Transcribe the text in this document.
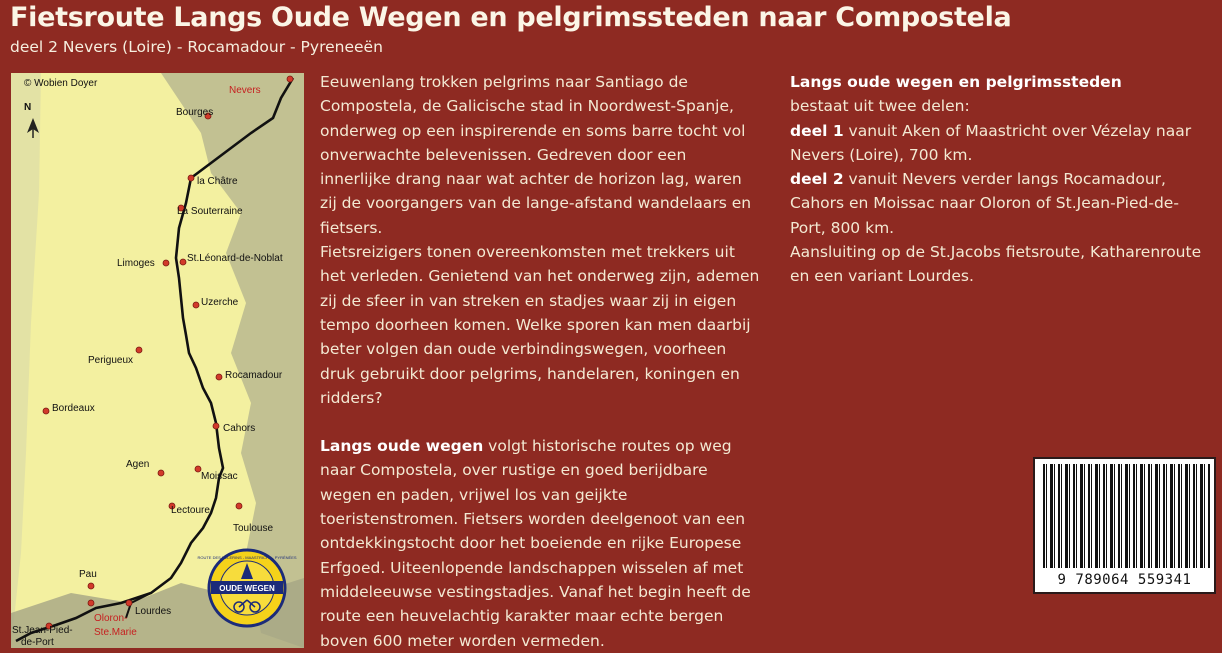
Fietsroute Langs Oude Wegen en pelgrimssteden naar Compostela
deel 2 Nevers (Loire) - Rocamadour - Pyreneeën
N
© Wobien Doyer
Nevers
Bourges
la Châtre
La Souterraine
Limoges	St.Léonard-de-Noblat
Uzerche
Perigueux
Rocamadour
Bordeaux
Cahors
Agen
Moissac
Lectoure
Toulouse
Pau
Lourdes
Oloron-
Ste.Marie
St.Jean-Pied-
de-Port
OUDE WEGEN
ROUTE DES PÈLERINS - MAASTRICHT - PYRÉNÉES

Eeuwenlang trokken pelgrims naar Santiago de Compostela, de Galicische stad in Noordwest-Spanje, onderweg op een inspirerende en soms barre tocht vol onverwachte belevenissen. Gedreven door een innerlijke drang naar wat achter de horizon lag, waren zij de voorgangers van de lange-afstand wandelaars en fietsers.

Fietsreizigers tonen overeenkomsten met trekkers uit het verleden. Genietend van het onderweg zijn, ademen zij de sfeer in van streken en stadjes waar zij in eigen tempo doorheen komen. Welke sporen kan men daarbij beter volgen dan oude verbindingswegen, voorheen druk gebruikt door pelgrims, handelaren, koningen en ridders?

Langs oude wegen volgt historische routes op weg naar Compostela, over rustige en goed berijdbare wegen en paden, vrijwel los van geijkte toeristenstromen. Fietsers worden deelgenoot van een ontdekkingstocht door het boeiende en rijke Europese Erfgoed. Uiteenlopende landschappen wisselen af met middeleeuwse vestingstadjes. Vanaf het begin heeft de route een heuvelachtig karakter maar echte bergen boven 600 meter worden vermeden.

Langs oude wegen en pelgrimssteden

bestaat uit twee delen:

deel 1 vanuit Aken of Maastricht over Vézelay naar Nevers (Loire), 700 km.

deel 2 vanuit Nevers verder langs Rocamadour, Cahors en Moissac naar Oloron of St.Jean-Pied-de-Port, 800 km.

Aansluiting op de St.Jacobs fietsroute, Katharenroute en een variant Lourdes.

9 789064 559341
